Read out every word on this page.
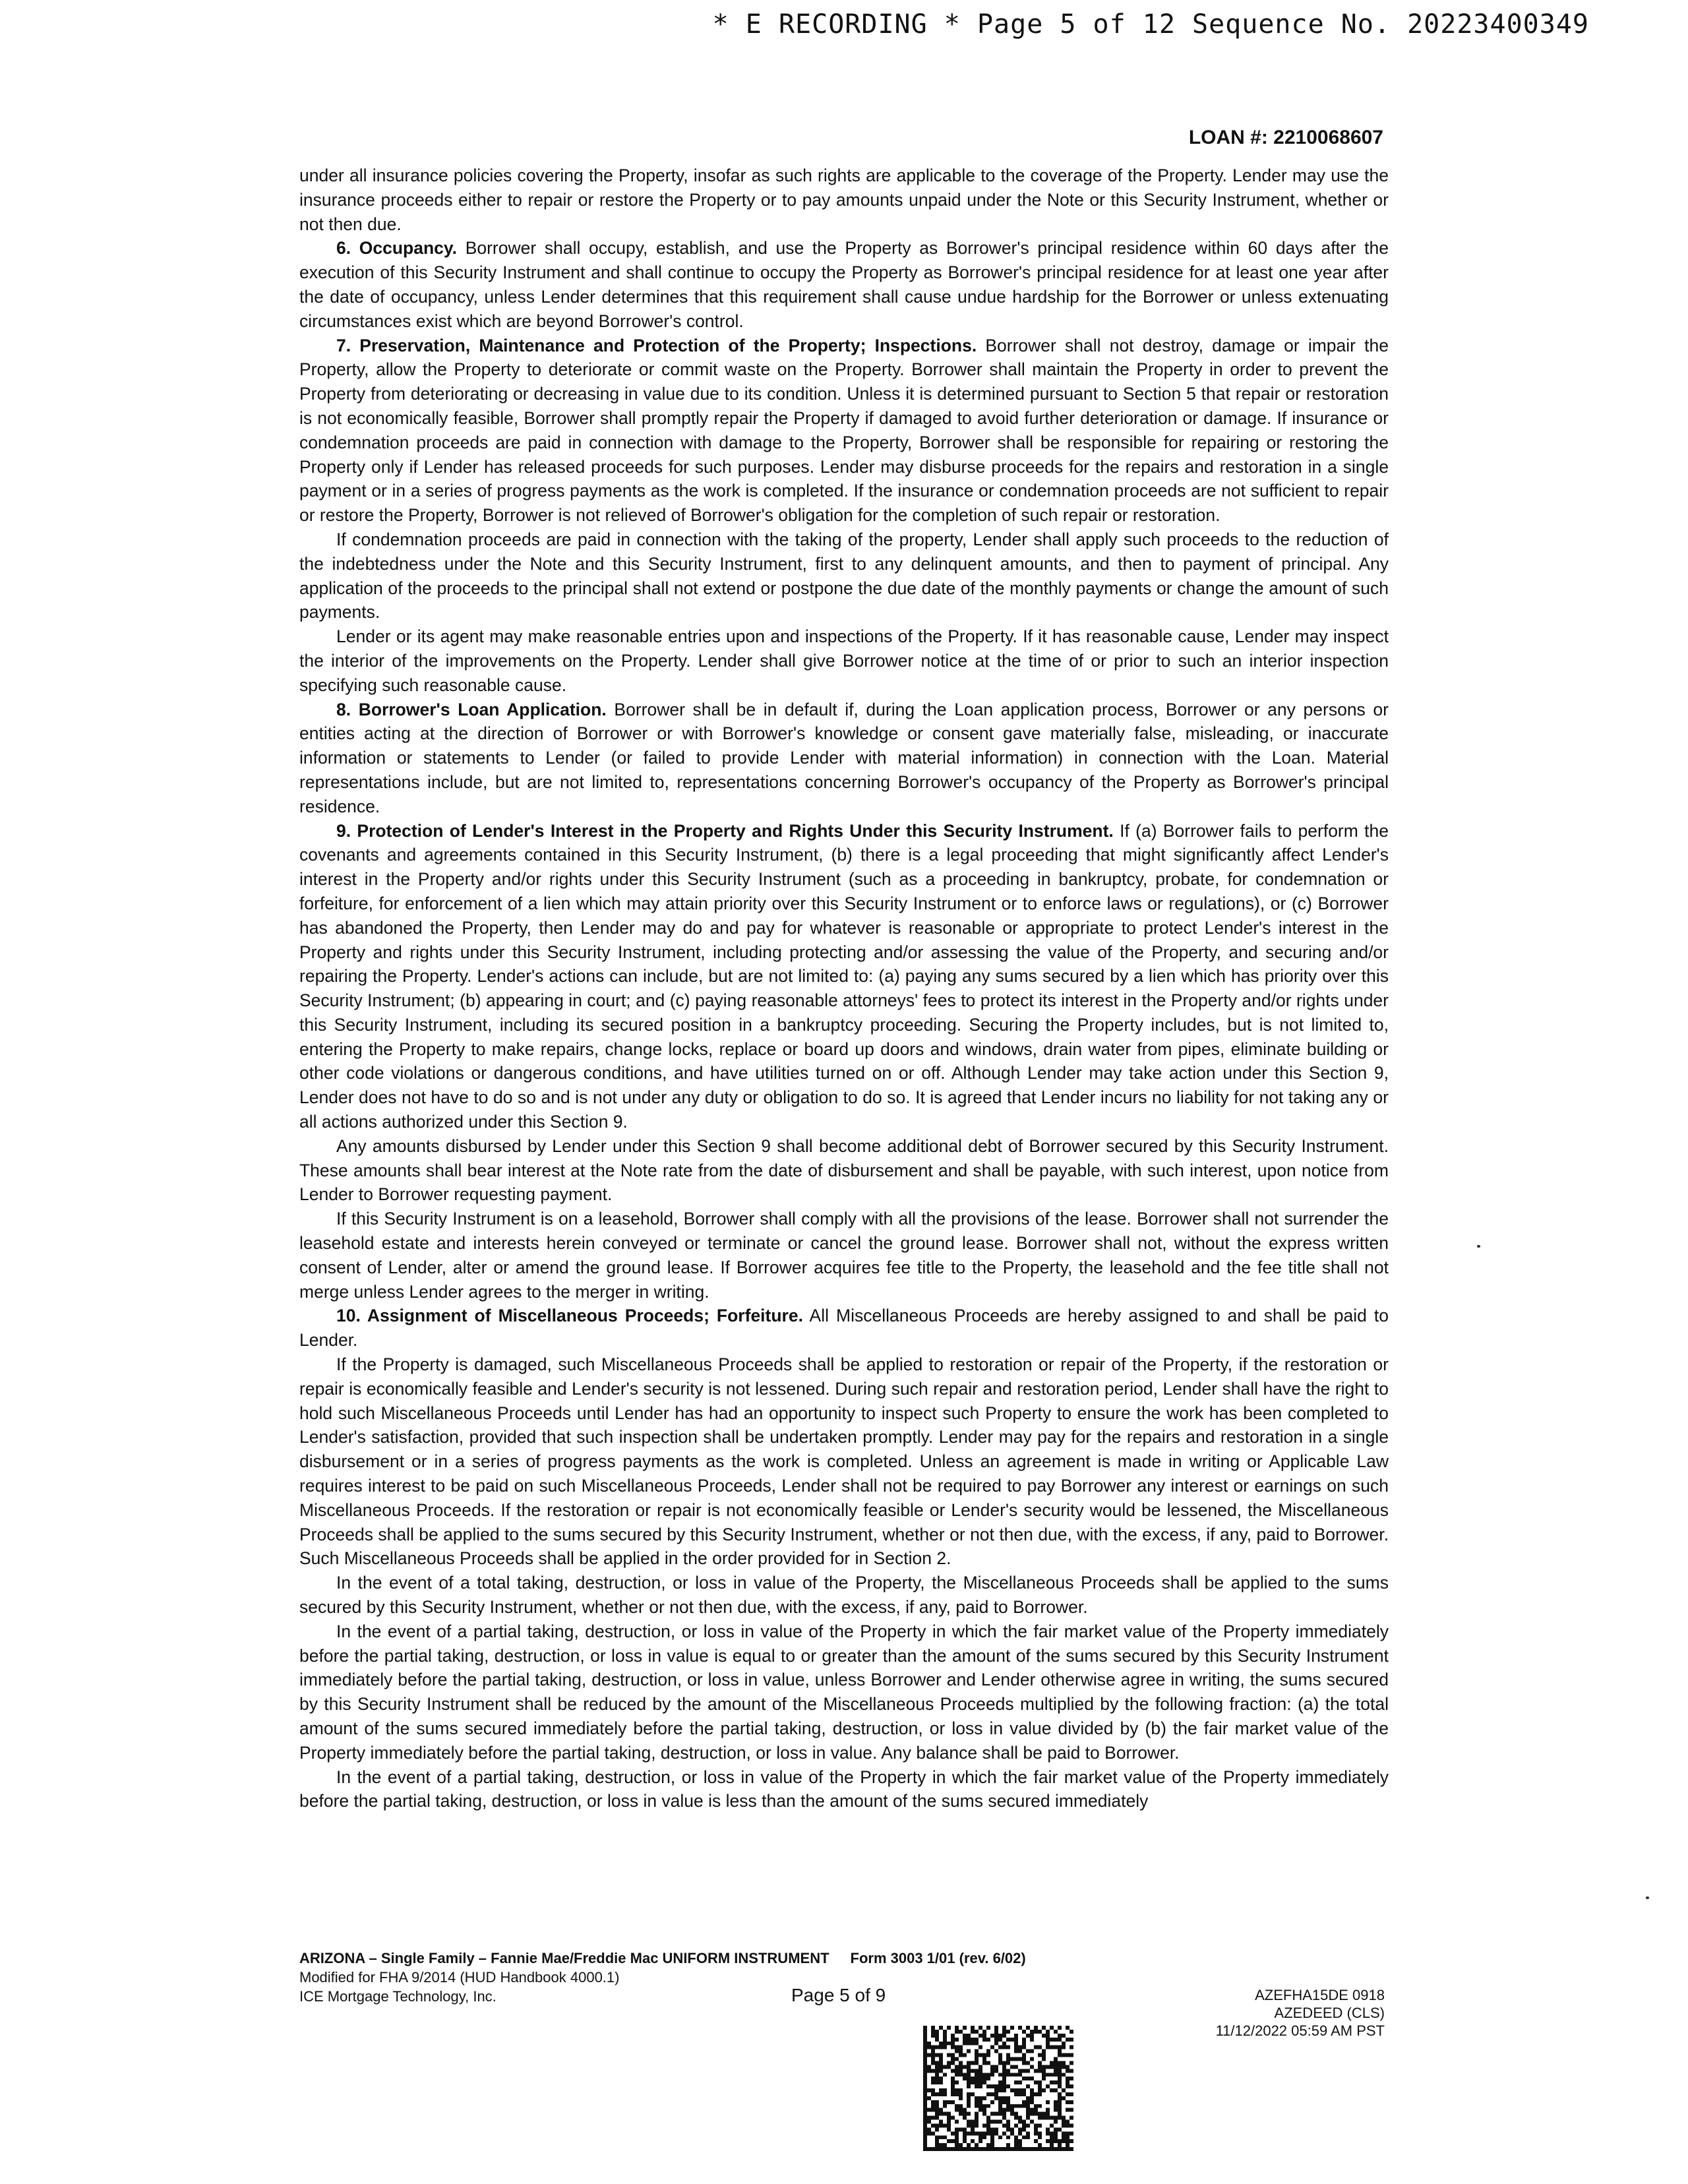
* E RECORDING * Page 5 of 12 Sequence No. 20223400349
LOAN #: 2210068607

under all insurance policies covering the Property, insofar as such rights are applicable to the coverage of the Property. Lender may use the insurance proceeds either to repair or restore the Property or to pay amounts unpaid under the Note or this Security Instrument, whether or not then due.

6. Occupancy. Borrower shall occupy, establish, and use the Property as Borrower's principal residence within 60 days after the execution of this Security Instrument and shall continue to occupy the Property as Borrower's principal residence for at least one year after the date of occupancy, unless Lender determines that this requirement shall cause undue hardship for the Borrower or unless extenuating circumstances exist which are beyond Borrower's control.

7. Preservation, Maintenance and Protection of the Property; Inspections. Borrower shall not destroy, damage or impair the Property, allow the Property to deteriorate or commit waste on the Property. Borrower shall maintain the Property in order to prevent the Property from deteriorating or decreasing in value due to its condition. Unless it is determined pursuant to Section 5 that repair or restoration is not economically feasible, Borrower shall promptly repair the Property if damaged to avoid further deterioration or damage. If insurance or condemnation proceeds are paid in connection with damage to the Property, Borrower shall be responsible for repairing or restoring the Property only if Lender has released proceeds for such purposes. Lender may disburse proceeds for the repairs and restoration in a single payment or in a series of progress payments as the work is completed. If the insurance or condemnation proceeds are not sufficient to repair or restore the Property, Borrower is not relieved of Borrower's obligation for the completion of such repair or restoration.

If condemnation proceeds are paid in connection with the taking of the property, Lender shall apply such proceeds to the reduction of the indebtedness under the Note and this Security Instrument, first to any delinquent amounts, and then to payment of principal. Any application of the proceeds to the principal shall not extend or postpone the due date of the monthly payments or change the amount of such payments.

Lender or its agent may make reasonable entries upon and inspections of the Property. If it has reasonable cause, Lender may inspect the interior of the improvements on the Property. Lender shall give Borrower notice at the time of or prior to such an interior inspection specifying such reasonable cause.

8. Borrower's Loan Application. Borrower shall be in default if, during the Loan application process, Borrower or any persons or entities acting at the direction of Borrower or with Borrower's knowledge or consent gave materially false, misleading, or inaccurate information or statements to Lender (or failed to provide Lender with material information) in connection with the Loan. Material representations include, but are not limited to, representations concerning Borrower's occupancy of the Property as Borrower's principal residence.

9. Protection of Lender's Interest in the Property and Rights Under this Security Instrument. If (a) Borrower fails to perform the covenants and agreements contained in this Security Instrument, (b) there is a legal proceeding that might significantly affect Lender's interest in the Property and/or rights under this Security Instrument (such as a proceeding in bankruptcy, probate, for condemnation or forfeiture, for enforcement of a lien which may attain priority over this Security Instrument or to enforce laws or regulations), or (c) Borrower has abandoned the Property, then Lender may do and pay for whatever is reasonable or appropriate to protect Lender's interest in the Property and rights under this Security Instrument, including protecting and/or assessing the value of the Property, and securing and/or repairing the Property. Lender's actions can include, but are not limited to: (a) paying any sums secured by a lien which has priority over this Security Instrument; (b) appearing in court; and (c) paying reasonable attorneys' fees to protect its interest in the Property and/or rights under this Security Instrument, including its secured position in a bankruptcy proceeding. Securing the Property includes, but is not limited to, entering the Property to make repairs, change locks, replace or board up doors and windows, drain water from pipes, eliminate building or other code violations or dangerous conditions, and have utilities turned on or off. Although Lender may take action under this Section 9, Lender does not have to do so and is not under any duty or obligation to do so. It is agreed that Lender incurs no liability for not taking any or all actions authorized under this Section 9.

Any amounts disbursed by Lender under this Section 9 shall become additional debt of Borrower secured by this Security Instrument. These amounts shall bear interest at the Note rate from the date of disbursement and shall be payable, with such interest, upon notice from Lender to Borrower requesting payment.

If this Security Instrument is on a leasehold, Borrower shall comply with all the provisions of the lease. Borrower shall not surrender the leasehold estate and interests herein conveyed or terminate or cancel the ground lease. Borrower shall not, without the express written consent of Lender, alter or amend the ground lease. If Borrower acquires fee title to the Property, the leasehold and the fee title shall not merge unless Lender agrees to the merger in writing.

10. Assignment of Miscellaneous Proceeds; Forfeiture. All Miscellaneous Proceeds are hereby assigned to and shall be paid to Lender.

If the Property is damaged, such Miscellaneous Proceeds shall be applied to restoration or repair of the Property, if the restoration or repair is economically feasible and Lender's security is not lessened. During such repair and restoration period, Lender shall have the right to hold such Miscellaneous Proceeds until Lender has had an opportunity to inspect such Property to ensure the work has been completed to Lender's satisfaction, provided that such inspection shall be undertaken promptly. Lender may pay for the repairs and restoration in a single disbursement or in a series of progress payments as the work is completed. Unless an agreement is made in writing or Applicable Law requires interest to be paid on such Miscellaneous Proceeds, Lender shall not be required to pay Borrower any interest or earnings on such Miscellaneous Proceeds. If the restoration or repair is not economically feasible or Lender's security would be lessened, the Miscellaneous Proceeds shall be applied to the sums secured by this Security Instrument, whether or not then due, with the excess, if any, paid to Borrower. Such Miscellaneous Proceeds shall be applied in the order provided for in Section 2.

In the event of a total taking, destruction, or loss in value of the Property, the Miscellaneous Proceeds shall be applied to the sums secured by this Security Instrument, whether or not then due, with the excess, if any, paid to Borrower.

In the event of a partial taking, destruction, or loss in value of the Property in which the fair market value of the Property immediately before the partial taking, destruction, or loss in value is equal to or greater than the amount of the sums secured by this Security Instrument immediately before the partial taking, destruction, or loss in value, unless Borrower and Lender otherwise agree in writing, the sums secured by this Security Instrument shall be reduced by the amount of the Miscellaneous Proceeds multiplied by the following fraction: (a) the total amount of the sums secured immediately before the partial taking, destruction, or loss in value divided by (b) the fair market value of the Property immediately before the partial taking, destruction, or loss in value. Any balance shall be paid to Borrower.

In the event of a partial taking, destruction, or loss in value of the Property in which the fair market value of the Property immediately before the partial taking, destruction, or loss in value is less than the amount of the sums secured immediately

ARIZONA – Single Family – Fannie Mae/Freddie Mac UNIFORM INSTRUMENT Form 3003 1/01 (rev. 6/02)
Modified for FHA 9/2014 (HUD Handbook 4000.1)
ICE Mortgage Technology, Inc.	Page 5 of 9	AZEFHA15DE 0918
AZEDEED (CLS)
11/12/2022 05:59 AM PST
